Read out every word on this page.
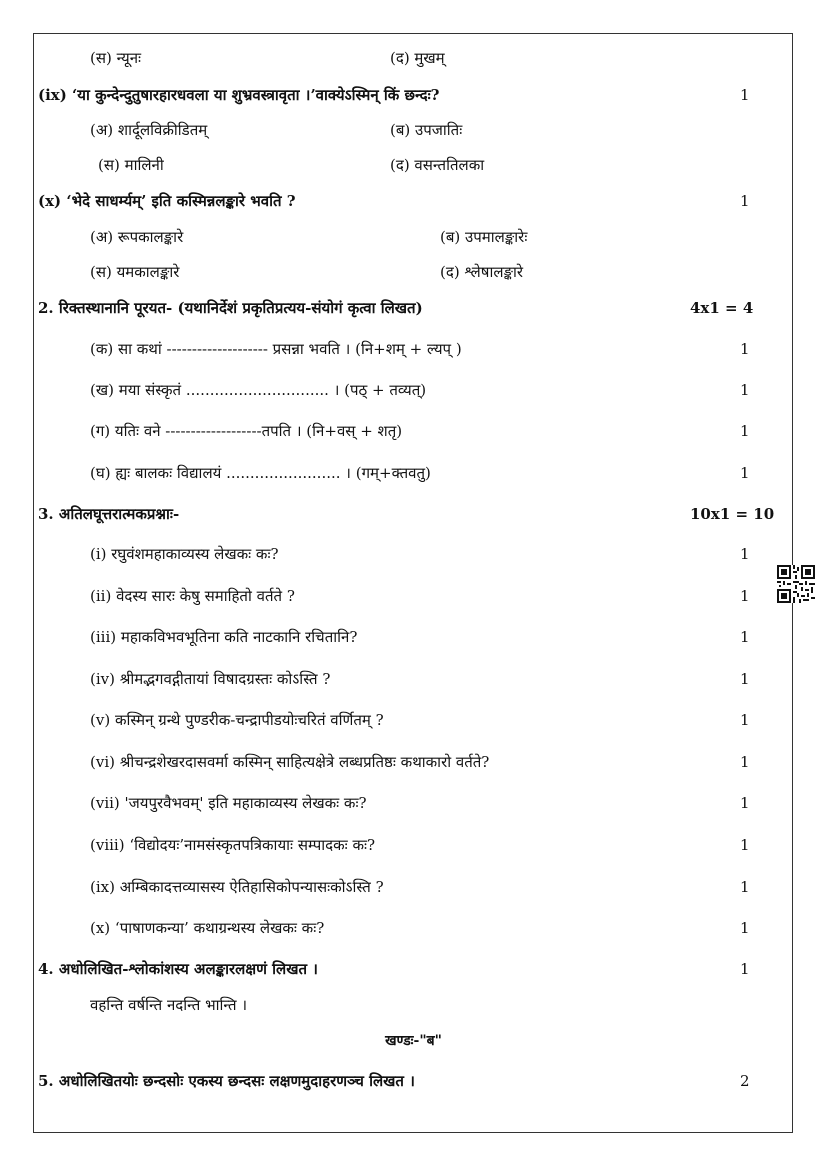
(स) न्यूनः	(द) मुखम्
(ix) ‘या कुन्देन्दुतुषारहारधवला या शुभ्रवस्त्रावृता ।’वाक्येऽस्मिन् किं छन्दः?	1
(अ) शार्दूलविक्रीडितम्	(ब) उपजातिः
(स) मालिनी	(द) वसन्ततिलका
(x) ‘भेदे साधर्म्यम्’ इति कस्मिन्नलङ्कारे भवति ?	1
(अ) रूपकालङ्कारे	(ब) उपमालङ्कारेः
(स) यमकालङ्कारे	(द) श्लेषालङ्कारे
2. रिक्तस्थानानि पूरयत- (यथानिर्देशं प्रकृतिप्रत्यय-संयोगं कृत्वा लिखत)	4x1 = 4
(क) सा कथां -------------------- प्रसन्ना भवति । (नि+शम् + ल्यप् )	1
(ख) मया संस्कृतं .............................. । (पठ् + तव्यत्)	1
(ग) यतिः वने -------------------तपति । (नि+वस् + शतृ)	1
(घ) ह्यः बालकः विद्यालयं ........................ । (गम्+क्तवतु)	1
3. अतिलघूत्तरात्मकप्रश्नाः-	10x1 = 10
(i) रघुवंशमहाकाव्यस्य लेखकः कः?	1
(ii) वेदस्य सारः केषु समाहितो वर्तते ?	1
(iii) महाकविभवभूतिना कति नाटकानि रचितानि?	1
(iv) श्रीमद्भगवद्गीतायां विषादग्रस्तः कोऽस्ति ?	1
(v) कस्मिन् ग्रन्थे पुण्डरीक-चन्द्रापीडयोःचरितं वर्णितम् ?	1
(vi) श्रीचन्द्रशेखरदासवर्मा कस्मिन् साहित्यक्षेत्रे लब्धप्रतिष्ठः कथाकारो वर्तते?	1
(vii) 'जयपुरवैभवम्' इति महाकाव्यस्य लेखकः कः?	1
(viii) ‘विद्योदयः’नामसंस्कृतपत्रिकायाः सम्पादकः कः?	1
(ix) अम्बिकादत्तव्यासस्य ऐतिहासिकोपन्यासःकोऽस्ति ?	1
(x) ‘पाषाणकन्या’ कथाग्रन्थस्य लेखकः कः?	1
4. अधोलिखित-श्लोकांशस्य अलङ्कारलक्षणं लिखत ।	1
वहन्ति वर्षन्ति नदन्ति भान्ति ।
खण्डः-"ब"
5. अधोलिखितयोः छन्दसोः एकस्य छन्दसः लक्षणमुदाहरणञ्च लिखत ।	2
